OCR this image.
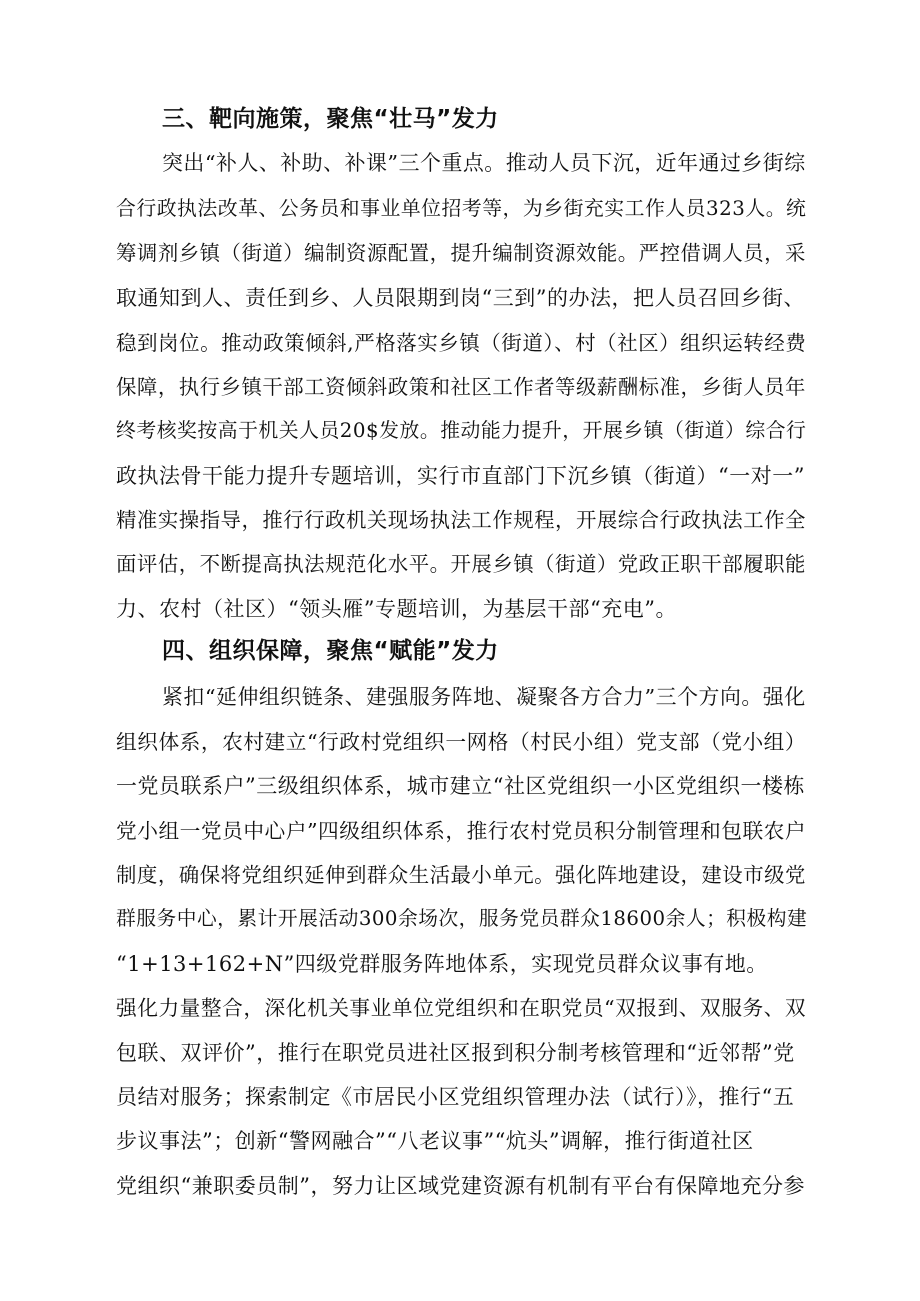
三、靶向施策，聚焦“壮马”发力
突出“补人、补助、补课”三个重点。推动人员下沉，近年通过乡街综
合行政执法改革、公务员和事业单位招考等，为乡街充实工作人员323人。统
筹调剂乡镇（街道）编制资源配置，提升编制资源效能。严控借调人员，采
取通知到人、责任到乡、人员限期到岗“三到”的办法，把人员召回乡街、
稳到岗位。推动政策倾斜,严格落实乡镇（街道）、村（社区）组织运转经费
保障，执行乡镇干部工资倾斜政策和社区工作者等级薪酬标准，乡街人员年
终考核奖按高于机关人员20$发放。推动能力提升，开展乡镇（街道）综合行
政执法骨干能力提升专题培训，实行市直部门下沉乡镇（街道）“一对一”
精准实操指导，推行行政机关现场执法工作规程，开展综合行政执法工作全
面评估，不断提高执法规范化水平。开展乡镇（街道）党政正职干部履职能
力、农村（社区）“领头雁”专题培训，为基层干部“充电”。
四、组织保障，聚焦“赋能”发力
紧扣“延伸组织链条、建强服务阵地、凝聚各方合力”三个方向。强化
组织体系，农村建立“行政村党组织一网格（村民小组）党支部（党小组）
一党员联系户”三级组织体系，城市建立“社区党组织一小区党组织一楼栋
党小组一党员中心户”四级组织体系，推行农村党员积分制管理和包联农户
制度，确保将党组织延伸到群众生活最小单元。强化阵地建设，建设市级党
群服务中心，累计开展活动300余场次，服务党员群众18600余人；积极构建
“1+13+162+N”四级党群服务阵地体系，实现党员群众议事有地。
强化力量整合，深化机关事业单位党组织和在职党员“双报到、双服务、双
包联、双评价”，推行在职党员进社区报到积分制考核管理和“近邻帮”党
员结对服务；探索制定《市居民小区党组织管理办法（试行）》，推行“五
步议事法”；创新“警网融合”“八老议事”“炕头”调解，推行街道社区
党组织“兼职委员制”，努力让区域党建资源有机制有平台有保障地充分参
